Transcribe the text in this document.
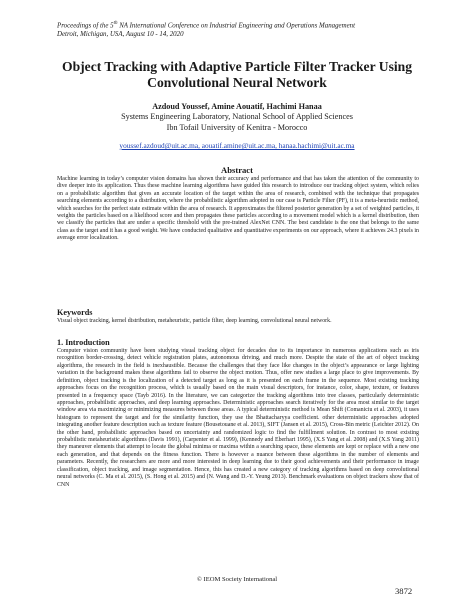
Proceedings of the 5th NA International Conference on Industrial Engineering and Operations Management
Detroit, Michigan, USA, August 10 - 14, 2020
Object Tracking with Adaptive Particle Filter Tracker Using Convolutional Neural Network
Azdoud Youssef, Amine Aouatif, Hachimi Hanaa
Systems Engineering Laboratory, National School of Applied Sciences
Ibn Tofail University of Kenitra - Morocco
youssef.azdoud@uit.ac.ma, aouatif.amine@uit.ac.ma, hanaa.hachimi@uit.ac.ma
Abstract
Machine learning in today’s computer vision domains has shown their accuracy and performance and that has taken the attention of the community to dive deeper into its application. Thus these machine learning algorithms have guided this research to introduce our tracking object system, which relies on a probabilistic algorithm that gives an accurate location of the target within the area of research, combined with the technique that propagates searching elements according to a distribution, where the probabilistic algorithm adopted in our case is Particle Filter (PF), it is a meta-heuristic method, which searches for the perfect state estimate within the area of research. It approximates the filtered posterior generation by a set of weighted particles, it weights the particles based on a likelihood score and then propagates these particles according to a movement model which is a kernel distribution, then we classify the particles that are under a specific threshold with the pre-trained AlexNet CNN. The best candidate is the one that belongs to the same class as the target and it has a good weight. We have conducted qualitative and quantitative experiments on our approach, where it achieves 24.3 pixels in average error localization.
Keywords
Visual object tracking, kernel distribution, metaheuristic, particle filter, deep learning, convolutional neural network.
1. Introduction
Computer vision community have been studying visual tracking object for decades due to its importance in numerous applications such as iris recognition border-crossing, detect vehicle registration plates, autonomous driving, and much more. Despite the state of the art of object tracking algorithms, the research in the field is inexhaustible. Because the challenges that they face like changes in the object’s appearance or large lighting variation in the background makes these algorithms fail to observe the object motion. Thus, offer new studies a large place to give improvements. By definition, object tracking is the localization of a detected target as long as it is presented on each frame in the sequence. Most existing tracking approaches focus on the recognition process, which is usually based on the main visual descriptors, for instance, color, shape, texture, or features presented in a frequency space (Tayb 2016). In the literature, we can categorize the tracking algorithms into tree classes, particularly deterministic approaches, probabilistic approaches, and deep learning approaches. Deterministic approaches search iteratively for the area most similar to the target window area via maximizing or minimizing measures between those areas. A typical deterministic method is Mean Shift (Comaniciu et al. 2003), it uses histogram to represent the target and for the similarity function, they use the Bhattacharyya coefficient. other deterministic approaches adopted integrating another feature description such as texture feature (Bousetouane et al. 2013), SIFT (Jansen et al. 2015), Cross-Bin metric (Leichter 2012). On the other hand, probabilistic approaches based on uncertainty and randomized logic to find the fulfillment solution. In contrast to most existing probabilistic metaheuristic algorithms (Davis 1991), (Carpenter et al. 1999), (Kennedy and Eberhart 1995), (X.S Yang et al. 2008) and (X.S Yang 2011) they maneuver elements that attempt to locate the global minima or maxima within a searching space, these elements are kept or replace with a new one each generation, and that depends on the fitness function. There is however a nuance between these algorithms in the number of elements and parameters. Recently, the researchers are more and more interested in deep learning due to their good achievements and their performance in image classification, object tracking, and image segmentation. Hence, this has created a new category of tracking algorithms based on deep convolutional neural networks (C. Ma et al. 2015), (S. Hong et al. 2015) and (N. Wang and D.-Y. Yeung 2013). Benchmark evaluations on object trackers show that of CNN
© IEOM Society International
3872
